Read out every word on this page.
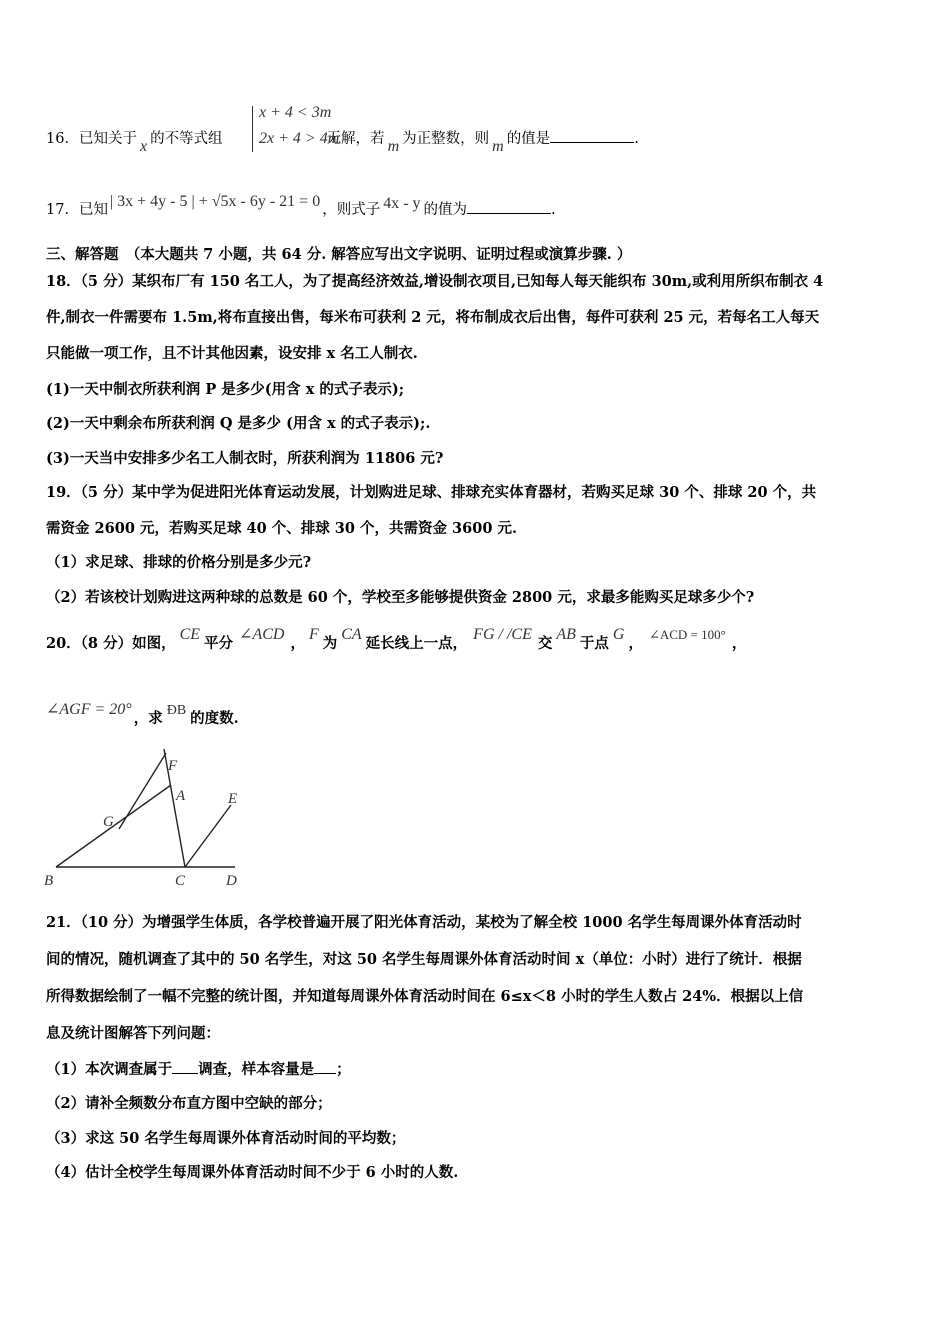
16．已知关于 x 的不等式组	无解，若 m 为正整数，则 m 的值是	.
x + 4 < 3m
2x + 4 > 4m
17．已知 | 3x + 4y - 5 | + √5x - 6y - 21 = 0 ，则式子 4x - y 的值为	.
三、解答题　（本大题共 7 小题，共 64 分. 解答应写出文字说明、证明过程或演算步骤. ）
18．（5 分）某织布厂有 150 名工人，为了提高经济效益,增设制衣项目,已知每人每天能织布 30m,或利用所织布制衣 4
件,制衣一件需要布 1.5m,将布直接出售，每米布可获利 2 元，将布制成衣后出售，每件可获利 25 元，若每名工人每天
只能做一项工作，且不计其他因素，设安排 x 名工人制衣.
(1)一天中制衣所获利润 P 是多少(用含 x 的式子表示);
(2)一天中剩余布所获利润 Q 是多少 (用含 x 的式子表示);.
(3)一天当中安排多少名工人制衣时，所获利润为 11806 元?
19．（5 分）某中学为促进阳光体育运动发展，计划购进足球、排球充实体育器材，若购买足球 30 个、排球 20 个，共
需资金 2600 元，若购买足球 40 个、排球 30 个，共需资金 3600 元.
（1）求足球、排球的价格分别是多少元?
（2）若该校计划购进这两种球的总数是 60 个，学校至多能够提供资金 2800 元，求最多能购买足球多少个?
20．（8 分）如图，CE平分∠ACD，F为CA延长线上一点，FG / /CE交AB于点G，∠ACD = 100°，
∠AGF = 20°，求 ÐB 的度数.
F
A	E
G
B	C	D
21．（10 分）为增强学生体质，各学校普遍开展了阳光体育活动，某校为了解全校 1000 名学生每周课外体育活动时
间的情况，随机调查了其中的 50 名学生，对这 50 名学生每周课外体育活动时间 x（单位：小时）进行了统计．根据
所得数据绘制了一幅不完整的统计图，并知道每周课外体育活动时间在 6≤x＜8 小时的学生人数占 24%．根据以上信
息及统计图解答下列问题：
（1）本次调查属于 调查，样本容量是 ；
（2）请补全频数分布直方图中空缺的部分；
（3）求这 50 名学生每周课外体育活动时间的平均数；
（4）估计全校学生每周课外体育活动时间不少于 6 小时的人数.
